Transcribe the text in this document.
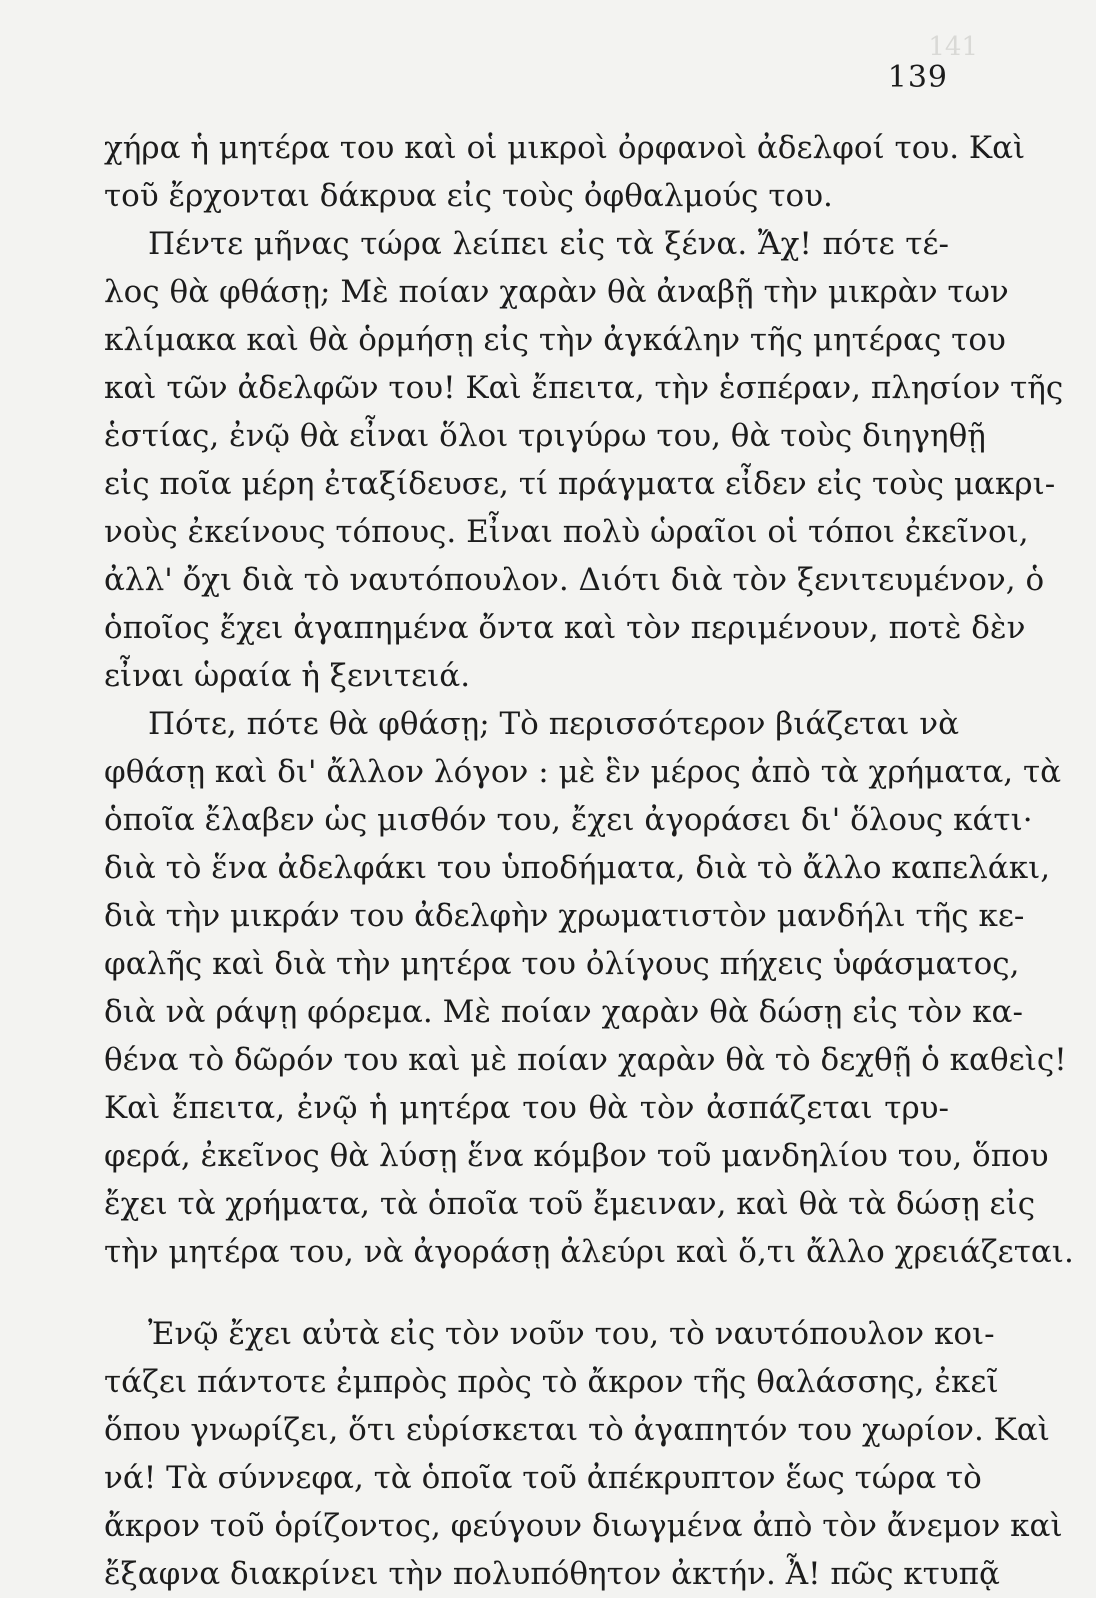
141
139
χήρα ἡ μητέρα του καὶ οἱ μικροὶ ὀρφανοὶ ἀδελφοί του. Καὶ
τοῦ ἔρχονται δάκρυα εἰς τοὺς ὀφθαλμούς του.
Πέντε μῆνας τώρα λείπει εἰς τὰ ξένα. Ἄχ! πότε τέ-
λος θὰ φθάσῃ; Μὲ ποίαν χαρὰν θὰ ἀναβῇ τὴν μικρὰν των
κλίμακα καὶ θὰ ὁρμήσῃ εἰς τὴν ἀγκάλην τῆς μητέρας του
καὶ τῶν ἀδελφῶν του! Καὶ ἔπειτα, τὴν ἑσπέραν, πλησίον τῆς
ἑστίας, ἐνῷ θὰ εἶναι ὅλοι τριγύρω του, θὰ τοὺς διηγηθῇ
εἰς ποῖα μέρη ἐταξίδευσε, τί πράγματα εἶδεν εἰς τοὺς μακρι-
νοὺς ἐκείνους τόπους. Εἶναι πολὺ ὡραῖοι οἱ τόποι ἐκεῖνοι,
ἀλλ' ὄχι διὰ τὸ ναυτόπουλον. Διότι διὰ τὸν ξενιτευμένον, ὁ
ὁποῖος ἔχει ἀγαπημένα ὄντα καὶ τὸν περιμένουν, ποτὲ δὲν
εἶναι ὡραία ἡ ξενιτειά.
Πότε, πότε θὰ φθάσῃ; Τὸ περισσότερον βιάζεται νὰ
φθάσῃ καὶ δι' ἄλλον λόγον : μὲ ἓν μέρος ἀπὸ τὰ χρήματα, τὰ
ὁποῖα ἔλαβεν ὡς μισθόν του, ἔχει ἀγοράσει δι' ὅλους κάτι·
διὰ τὸ ἕνα ἀδελφάκι του ὑποδήματα, διὰ τὸ ἄλλο καπελάκι,
διὰ τὴν μικράν του ἀδελφὴν χρωματιστὸν μανδήλι τῆς κε-
φαλῆς καὶ διὰ τὴν μητέρα του ὀλίγους πήχεις ὑφάσματος,
διὰ νὰ ράψῃ φόρεμα. Μὲ ποίαν χαρὰν θὰ δώσῃ εἰς τὸν κα-
θένα τὸ δῶρόν του καὶ μὲ ποίαν χαρὰν θὰ τὸ δεχθῇ ὁ καθεὶς!
Καὶ ἔπειτα, ἐνῷ ἡ μητέρα του θὰ τὸν ἀσπάζεται τρυ-
φερά, ἐκεῖνος θὰ λύσῃ ἕνα κόμβον τοῦ μανδηλίου του, ὅπου
ἔχει τὰ χρήματα, τὰ ὁποῖα τοῦ ἔμειναν, καὶ θὰ τὰ δώσῃ εἰς
τὴν μητέρα του, νὰ ἀγοράσῃ ἀλεύρι καὶ ὅ,τι ἄλλο χρειάζεται.
Ἐνῷ ἔχει αὐτὰ εἰς τὸν νοῦν του, τὸ ναυτόπουλον κοι-
τάζει πάντοτε ἐμπρὸς πρὸς τὸ ἄκρον τῆς θαλάσσης, ἐκεῖ
ὅπου γνωρίζει, ὅτι εὑρίσκεται τὸ ἀγαπητόν του χωρίον. Καὶ
νά! Τὰ σύννεφα, τὰ ὁποῖα τοῦ ἀπέκρυπτον ἕως τώρα τὸ
ἄκρον τοῦ ὁρίζοντος, φεύγουν διωγμένα ἀπὸ τὸν ἄνεμον καὶ
ἔξαφνα διακρίνει τὴν πολυπόθητον ἀκτήν. Ἆ! πῶς κτυπᾷ
